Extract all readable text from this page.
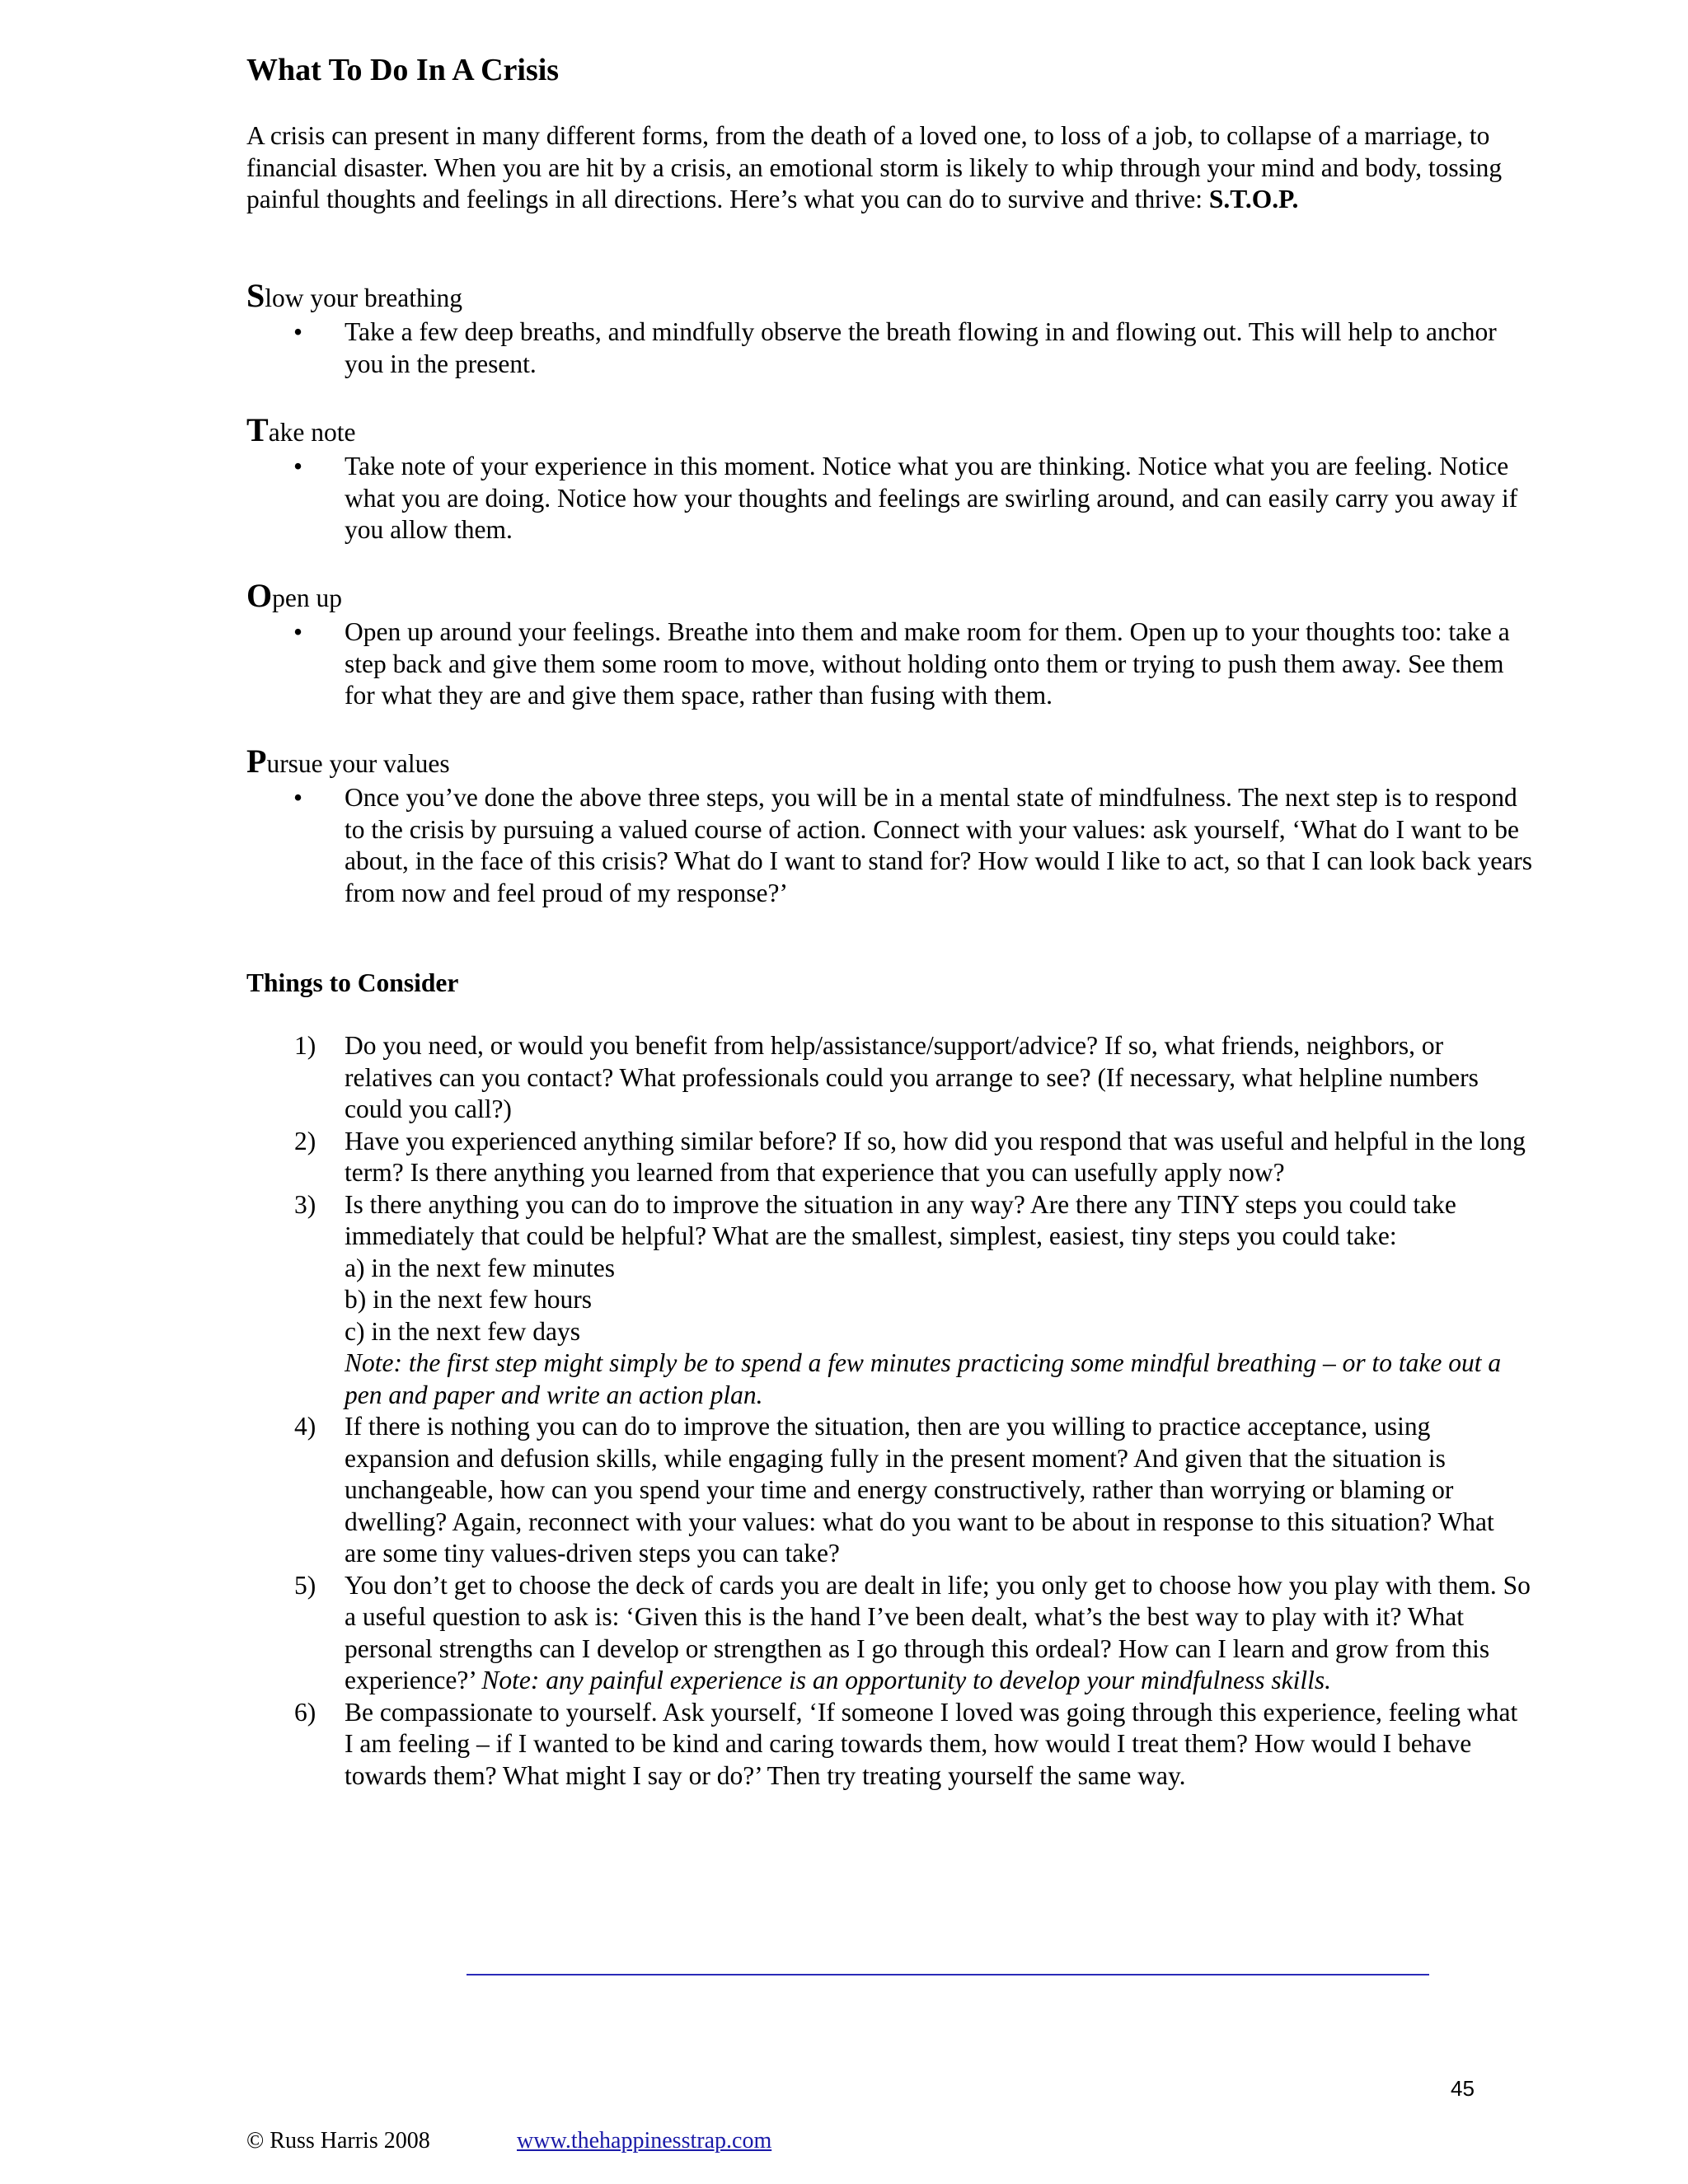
What To Do In A Crisis

A crisis can present in many different forms, from the death of a loved one, to loss of a job, to collapse of a marriage, to financial disaster. When you are hit by a crisis, an emotional storm is likely to whip through your mind and body, tossing painful thoughts and feelings in all directions. Here’s what you can do to survive and thrive: S.T.O.P.

Slow your breathing

• Take a few deep breaths, and mindfully observe the breath flowing in and flowing out. This will help to anchor you in the present.

Take note

• Take note of your experience in this moment. Notice what you are thinking. Notice what you are feeling. Notice what you are doing. Notice how your thoughts and feelings are swirling around, and can easily carry you away if you allow them.

Open up

• Open up around your feelings. Breathe into them and make room for them. Open up to your thoughts too: take a step back and give them some room to move, without holding onto them or trying to push them away. See them for what they are and give them space, rather than fusing with them.

Pursue your values

• Once you’ve done the above three steps, you will be in a mental state of mindfulness. The next step is to respond to the crisis by pursuing a valued course of action. Connect with your values: ask yourself, ‘What do I want to be about, in the face of this crisis? What do I want to stand for? How would I like to act, so that I can look back years from now and feel proud of my response?’

Things to Consider
1) Do you need, or would you benefit from help/assistance/support/advice? If so, what friends, neighbors, or relatives can you contact? What professionals could you arrange to see? (If necessary, what helpline numbers could you call?)
2) Have you experienced anything similar before? If so, how did you respond that was useful and helpful in the long term? Is there anything you learned from that experience that you can usefully apply now?
3) Is there anything you can do to improve the situation in any way? Are there any TINY steps you could take immediately that could be helpful? What are the smallest, simplest, easiest, tiny steps you could take:
a) in the next few minutes
b) in the next few hours
c) in the next few days
Note: the first step might simply be to spend a few minutes practicing some mindful breathing – or to take out a pen and paper and write an action plan.
4) If there is nothing you can do to improve the situation, then are you willing to practice acceptance, using expansion and defusion skills, while engaging fully in the present moment? And given that the situation is unchangeable, how can you spend your time and energy constructively, rather than worrying or blaming or dwelling? Again, reconnect with your values: what do you want to be about in response to this situation? What are some tiny values-driven steps you can take?
5) You don’t get to choose the deck of cards you are dealt in life; you only get to choose how you play with them. So a useful question to ask is: ‘Given this is the hand I’ve been dealt, what’s the best way to play with it? What personal strengths can I develop or strengthen as I go through this ordeal? How can I learn and grow from this experience?’ Note: any painful experience is an opportunity to develop your mindfulness skills.
6) Be compassionate to yourself. Ask yourself, ‘If someone I loved was going through this experience, feeling what I am feeling – if I wanted to be kind and caring towards them, how would I treat them? How would I behave towards them? What might I say or do?’ Then try treating yourself the same way.
45
© Russ Harris 2008	www.thehappinesstrap.com
